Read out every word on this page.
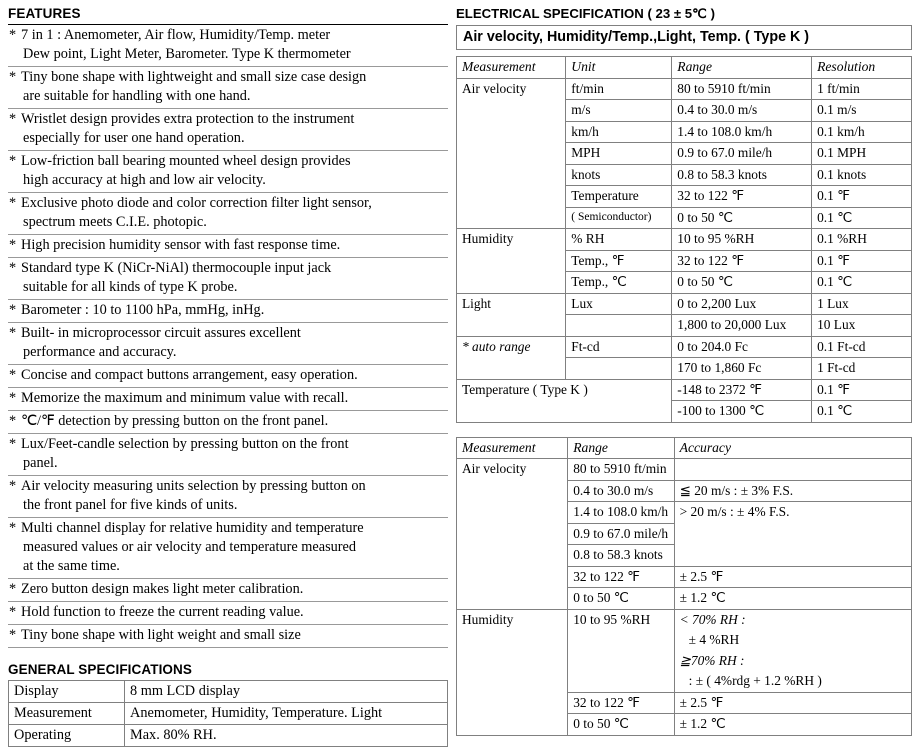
FEATURES
* 7 in 1 : Anemometer, Air flow, Humidity/Temp. meter
Dew point, Light Meter, Barometer. Type K thermometer
* Tiny bone shape with lightweight and small size case design
are suitable for handling with one hand.
* Wristlet design provides extra protection to the instrument
especially for user one hand operation.
* Low-friction ball bearing mounted wheel design provides
high accuracy at high and low air velocity.
* Exclusive photo diode and color correction filter light sensor,
spectrum meets C.I.E. photopic.
* High precision humidity sensor with fast response time.
* Standard type K (NiCr-NiAl) thermocouple input jack
suitable for all kinds of type K probe.
* Barometer : 10 to 1100 hPa, mmHg, inHg.
* Built- in microprocessor circuit assures excellent
performance and accuracy.
* Concise and compact buttons arrangement, easy operation.
* Memorize the maximum and minimum value with recall.
* ℃/℉ detection by pressing button on the front panel.
* Lux/Feet-candle selection by pressing button on the front
panel.
* Air velocity measuring units selection by pressing button on
the front panel for five kinds of units.
* Multi channel display for relative humidity and temperature
measured values or air velocity and temperature measured
at the same time.
* Zero button design makes light meter calibration.
* Hold function to freeze the current reading value.
* Tiny bone shape with light weight and small size
GENERAL SPECIFICATIONS
Display	8 mm LCD display
Measurement	Anemometer, Humidity, Temperature. Light
Operating	Max. 80% RH.
ELECTRICAL SPECIFICATION ( 23 ± 5℃ )
Air velocity, Humidity/Temp.,Light, Temp. ( Type K )
Measurement	Unit	Range	Resolution
Air velocity	ft/min	80 to 5910 ft/min	1 ft/min
	m/s	0.4 to 30.0 m/s	0.1 m/s
	km/h	1.4 to 108.0 km/h	0.1 km/h
	MPH	0.9 to 67.0 mile/h	0.1 MPH
	knots	0.8 to 58.3 knots	0.1 knots
	Temperature	32 to 122 ℉	0.1 ℉
	( Semiconductor)	0 to 50 ℃	0.1 ℃
Humidity	% RH	10 to 95 %RH	0.1 %RH
	Temp., ℉	32 to 122 ℉	0.1 ℉
	Temp., ℃	0 to 50 ℃	0.1 ℃
Light	Lux	0 to 2,200 Lux	1 Lux
		1,800 to 20,000 Lux	10 Lux
* auto range	Ft-cd	0 to 204.0 Fc	0.1 Ft-cd
		170 to 1,860 Fc	1 Ft-cd
Temperature ( Type K )		-148 to 2372 ℉	0.1 ℉
		-100 to 1300 ℃	0.1 ℃
Measurement	Range	Accuracy
Air velocity	80 to 5910 ft/min	
	0.4 to 30.0 m/s	≦ 20 m/s : ± 3% F.S.
	1.4 to 108.0 km/h	> 20 m/s : ± 4% F.S.
	0.9 to 67.0 mile/h	
	0.8 to 58.3 knots	
	32 to 122 ℉	± 2.5 ℉
	0 to 50 ℃	± 1.2 ℃
Humidity	10 to 95 %RH	< 70% RH :
		± 4 %RH
		≧70% RH :
		: ± ( 4%rdg + 1.2 %RH )
	32 to 122 ℉	± 2.5 ℉
	0 to 50 ℃	± 1.2 ℃
